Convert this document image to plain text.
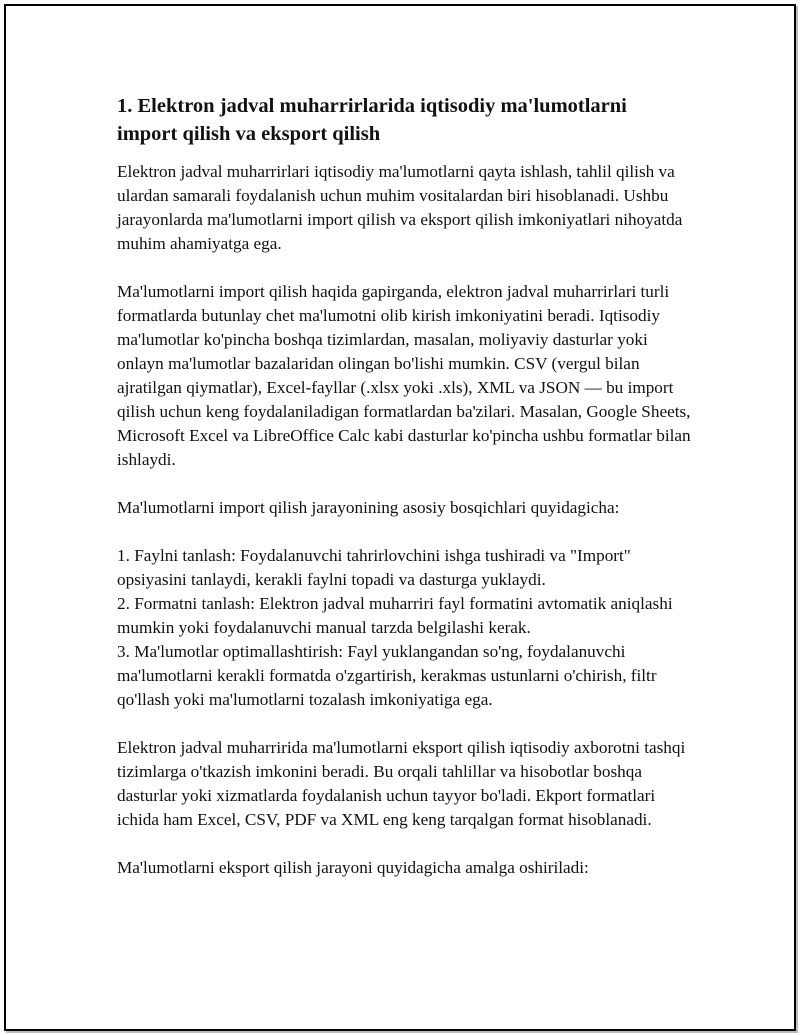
1. Elektron jadval muharrirlarida iqtisodiy ma'lumotlarni import qilish va eksport qilish

Elektron jadval muharrirlari iqtisodiy ma'lumotlarni qayta ishlash, tahlil qilish va ulardan samarali foydalanish uchun muhim vositalardan biri hisoblanadi. Ushbu jarayonlarda ma'lumotlarni import qilish va eksport qilish imkoniyatlari nihoyatda muhim ahamiyatga ega.

Ma'lumotlarni import qilish haqida gapirganda, elektron jadval muharrirlari turli formatlarda butunlay chet ma'lumotni olib kirish imkoniyatini beradi. Iqtisodiy ma'lumotlar ko'pincha boshqa tizimlardan, masalan, moliyaviy dasturlar yoki onlayn ma'lumotlar bazalaridan olingan bo'lishi mumkin. CSV (vergul bilan ajratilgan qiymatlar), Excel-fayllar (.xlsx yoki .xls), XML va JSON — bu import qilish uchun keng foydalaniladigan formatlardan ba'zilari. Masalan, Google Sheets, Microsoft Excel va LibreOffice Calc kabi dasturlar ko'pincha ushbu formatlar bilan ishlaydi.

Ma'lumotlarni import qilish jarayonining asosiy bosqichlari quyidagicha:

1. Faylni tanlash: Foydalanuvchi tahrirlovchini ishga tushiradi va "Import" opsiyasini tanlaydi, kerakli faylni topadi va dasturga yuklaydi.
2. Formatni tanlash: Elektron jadval muharriri fayl formatini avtomatik aniqlashi mumkin yoki foydalanuvchi manual tarzda belgilashi kerak.
3. Ma'lumotlar optimallashtirish: Fayl yuklangandan so'ng, foydalanuvchi ma'lumotlarni kerakli formatda o'zgartirish, kerakmas ustunlarni o'chirish, filtr qo'llash yoki ma'lumotlarni tozalash imkoniyatiga ega.

Elektron jadval muharririda ma'lumotlarni eksport qilish iqtisodiy axborotni tashqi tizimlarga o'tkazish imkonini beradi. Bu orqali tahlillar va hisobotlar boshqa dasturlar yoki xizmatlarda foydalanish uchun tayyor bo'ladi. Ekport formatlari ichida ham Excel, CSV, PDF va XML eng keng tarqalgan format hisoblanadi.

Ma'lumotlarni eksport qilish jarayoni quyidagicha amalga oshiriladi:
